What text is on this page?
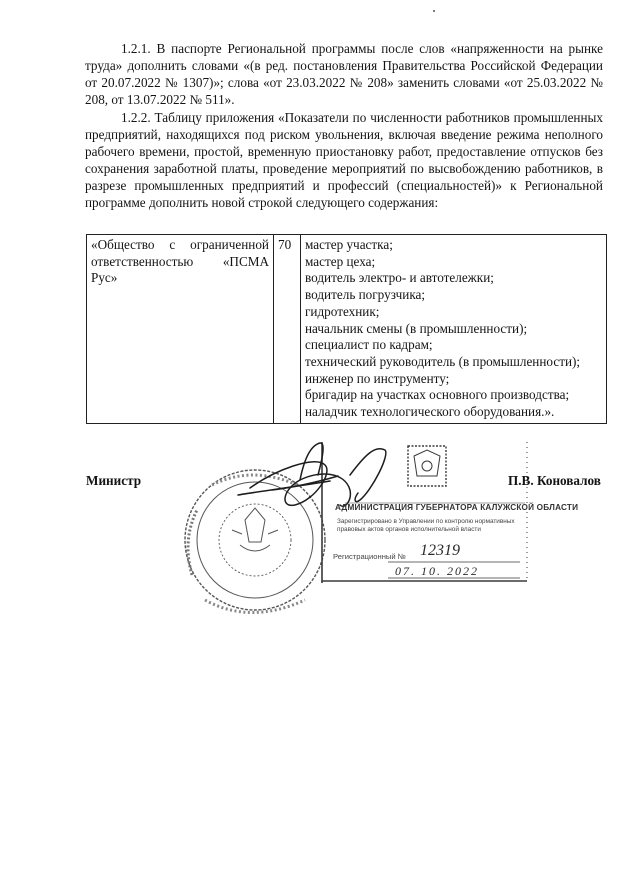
1.2.1. В паспорте Региональной программы после слов «напряженности на рынке труда» дополнить словами «(в ред. постановления Правительства Российской Федерации от 20.07.2022 № 1307)»; слова «от 23.03.2022 № 208» заменить словами «от 25.03.2022 № 208, от 13.07.2022 № 511».

1.2.2. Таблицу приложения «Показатели по численности работников промышленных предприятий, находящихся под риском увольнения, включая введение режима неполного рабочего времени, простой, временную приостановку работ, предоставление отпусков без сохранения заработной платы, проведение мероприятий по высвобождению работников, в разрезе промышленных предприятий и профессий (специальностей)» к Региональной программе дополнить новой строкой следующего содержания:

«Общество с ограниченной ответственностью «ПСМА Рус»	70	мастер участка;
мастер цеха;
водитель электро- и автотележки;
водитель погрузчика;
гидротехник;
начальник смены (в промышленности);
специалист по кадрам;
технический руководитель (в промышленности);
инженер по инструменту;
бригадир на участках основного производства;
наладчик технологического оборудования.».
Министр	П.В. Коновалов
АДМИНИСТРАЦИЯ ГУБЕРНАТОРА КАЛУЖСКОЙ ОБЛАСТИ
Зарегистрировано в Управлении по контролю нормативных правовых актов органов исполнительной власти
Регистрационный № 12319
07. 10. 2022
